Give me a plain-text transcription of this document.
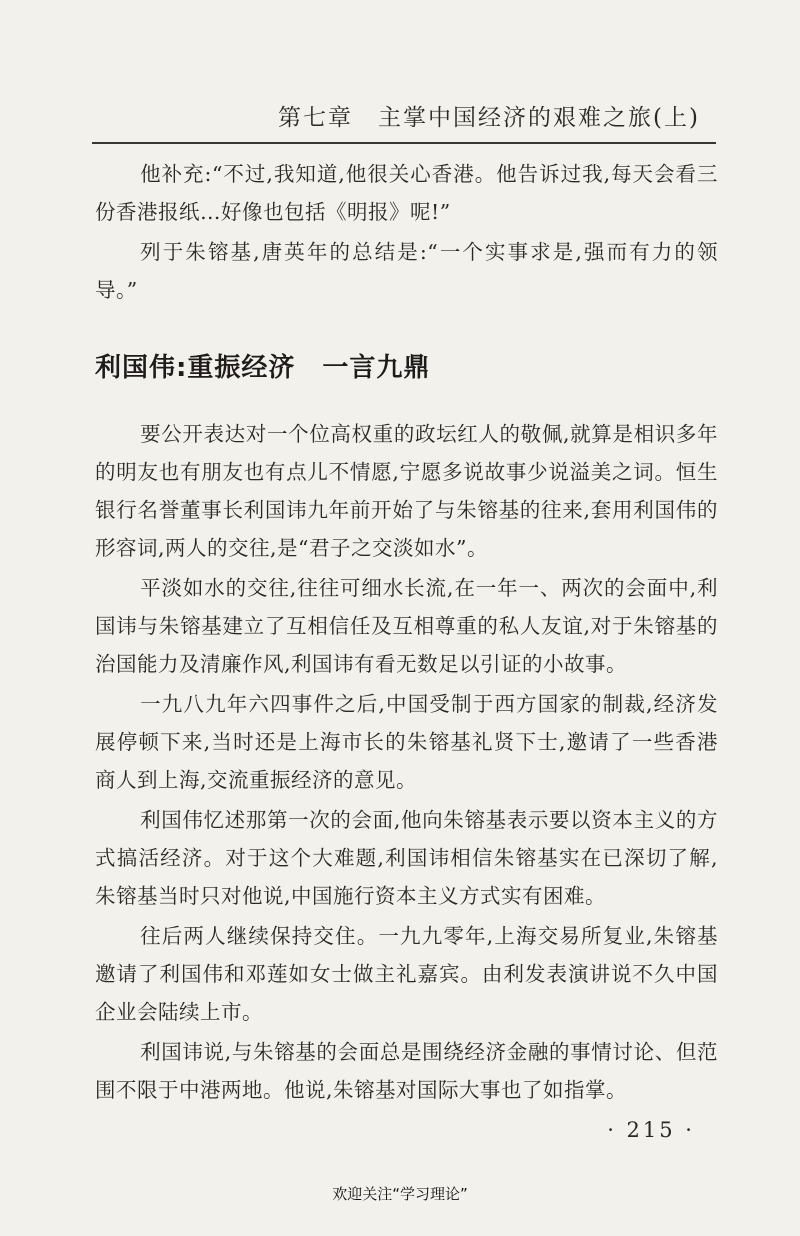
第七章　主掌中国经济的艰难之旅(上)

他补充:“不过,我知道,他很关心香港。他告诉过我,每天会看三份香港报纸…好像也包括《明报》呢!”

列于朱镕基,唐英年的总结是:“一个实事求是,强而有力的领导。”

利国伟:重振经济　一言九鼎

要公开表达对一个位高权重的政坛红人的敬佩,就算是相识多年的明友也有朋友也有点儿不情愿,宁愿多说故事少说溢美之词。恒生银行名誉董事长利国讳九年前开始了与朱镕基的往来,套用利国伟的形容词,两人的交往,是“君子之交淡如水”。

平淡如水的交往,往往可细水长流,在一年一、两次的会面中,利国讳与朱镕基建立了互相信任及互相尊重的私人友谊,对于朱镕基的治国能力及清廉作风,利国讳有看无数足以引证的小故事。

一九八九年六四事件之后,中国受制于西方国家的制裁,经济发展停顿下来,当时还是上海市长的朱镕基礼贤下士,邀请了一些香港商人到上海,交流重振经济的意见。

利国伟忆述那第一次的会面,他向朱镕基表示要以资本主义的方式搞活经济。对于这个大难题,利国讳相信朱镕基实在已深切了解,朱镕基当时只对他说,中国施行资本主义方式实有困难。

往后两人继续保持交住。一九九零年,上海交易所复业,朱镕基邀请了利国伟和邓莲如女士做主礼嘉宾。由利发表演讲说不久中国企业会陆续上市。

利国讳说,与朱镕基的会面总是围绕经济金融的事情讨论、但范围不限于中港两地。他说,朱镕基对国际大事也了如指掌。

· 215 ·
欢迎关注“学习理论”
